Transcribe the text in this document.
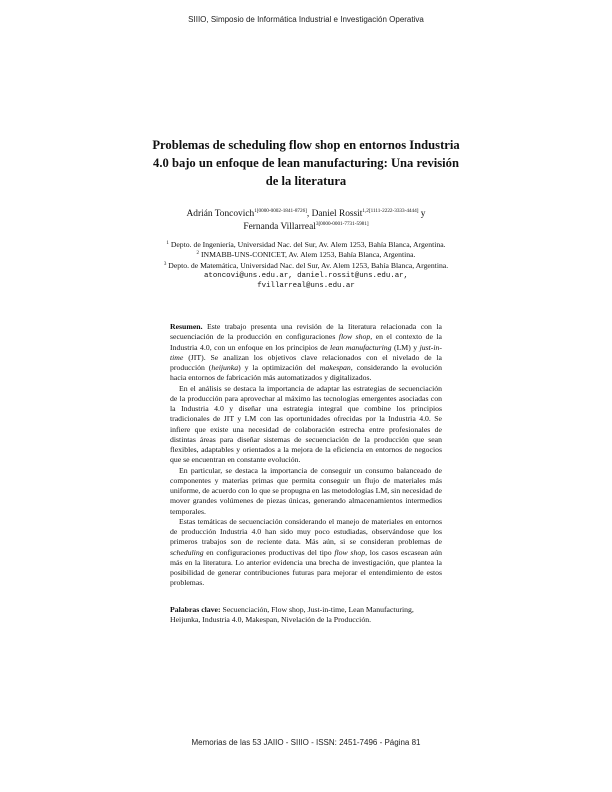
SIIIO, Simposio de Informática Industrial e Investigación Operativa
Problemas de scheduling flow shop en entornos Industria
4.0 bajo un enfoque de lean manufacturing: Una revisión
de la literatura
Adrián Toncovich$^{1[0000-0002-1841-8726]}$, Daniel Rossit$^{1,2[1111-2222-3333-4444]}$ y
Fernanda Villarreal$^{3[0000-0001-7731-5981]}$
$^1$ Depto. de Ingeniería, Universidad Nac. del Sur, Av. Alem 1253, Bahía Blanca, Argentina.
$^2$ INMABB-UNS-CONICET, Av. Alem 1253, Bahía Blanca, Argentina.
$^3$ Depto. de Matemática, Universidad Nac. del Sur, Av. Alem 1253, Bahía Blanca, Argentina.
atoncovi@uns.edu.ar, daniel.rossit@uns.edu.ar,
fvillarreal@uns.edu.ar

Resumen. Este trabajo presenta una revisión de la literatura relacionada con la secuenciación de la producción en configuraciones flow shop, en el contexto de la Industria 4.0, con un enfoque en los principios de lean manufacturing (LM) y just-in-time (JIT). Se analizan los objetivos clave relacionados con el nivelado de la producción (heijunka) y la optimización del makespan, considerando la evolución hacia entornos de fabricación más automatizados y digitalizados.

En el análisis se destaca la importancia de adaptar las estrategias de secuenciación de la producción para aprovechar al máximo las tecnologías emergentes asociadas con la Industria 4.0 y diseñar una estrategia integral que combine los principios tradicionales de JIT y LM con las oportunidades ofrecidas por la Industria 4.0. Se infiere que existe una necesidad de colaboración estrecha entre profesionales de distintas áreas para diseñar sistemas de secuenciación de la producción que sean flexibles, adaptables y orientados a la mejora de la eficiencia en entornos de negocios que se encuentran en constante evolución.

En particular, se destaca la importancia de conseguir un consumo balanceado de componentes y materias primas que permita conseguir un flujo de materiales más uniforme, de acuerdo con lo que se propugna en las metodologías LM, sin necesidad de mover grandes volúmenes de piezas únicas, generando almacenamientos intermedios temporales.

Estas temáticas de secuenciación considerando el manejo de materiales en entornos de producción Industria 4.0 han sido muy poco estudiadas, observándose que los primeros trabajos son de reciente data. Más aún, si se consideran problemas de scheduling en configuraciones productivas del tipo flow shop, los casos escasean aún más en la literatura. Lo anterior evidencia una brecha de investigación, que plantea la posibilidad de generar contribuciones futuras para mejorar el entendimiento de estos problemas.

Palabras clave: Secuenciación, Flow shop, Just-in-time, Lean Manufacturing, Heijunka, Industria 4.0, Makespan, Nivelación de la Producción.
Memorias de las 53 JAIIO - SIIIO - ISSN: 2451-7496 - Página 81
